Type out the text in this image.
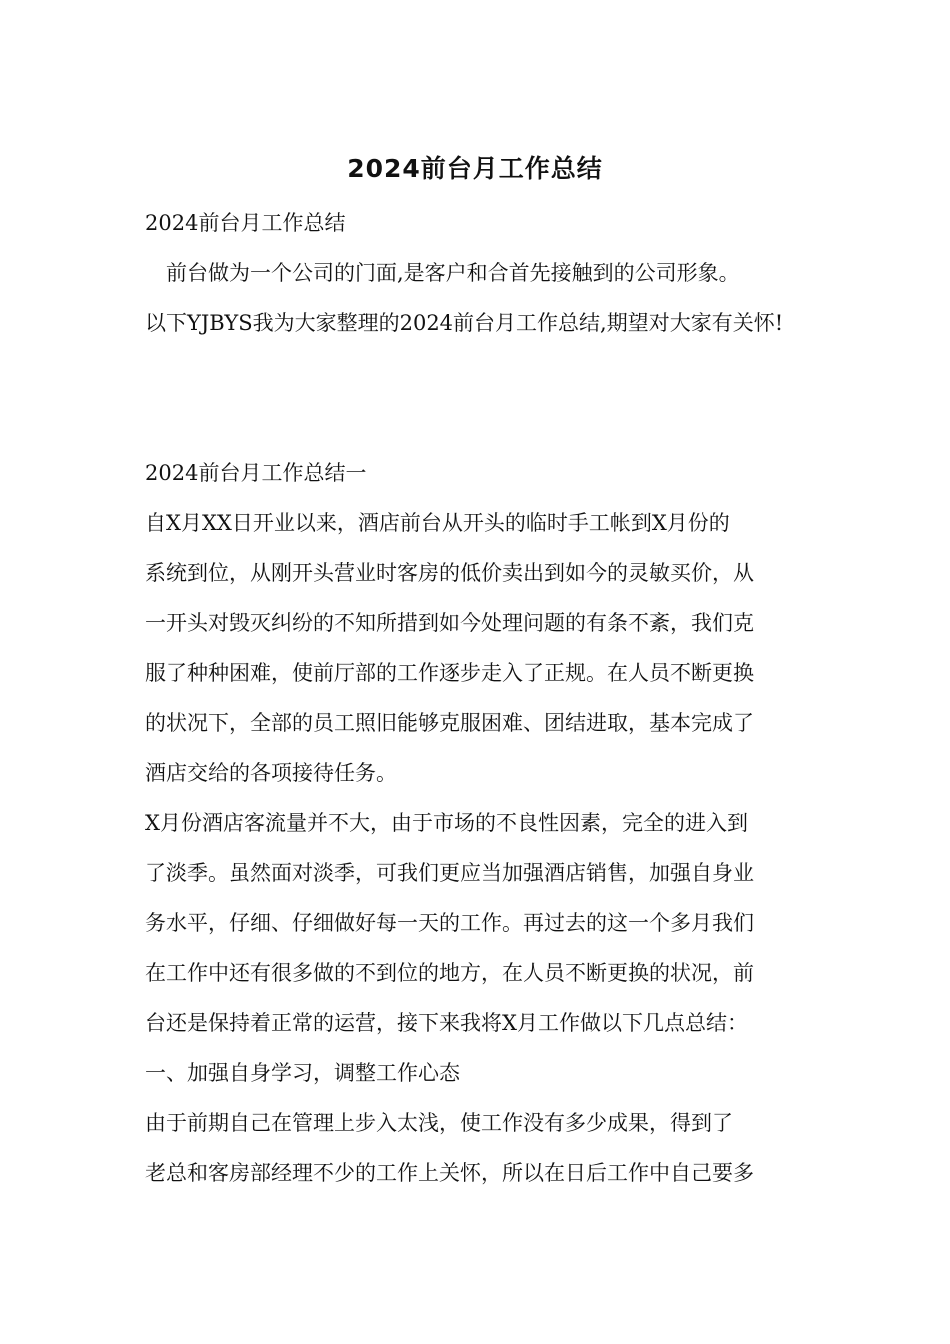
2024前台月工作总结
2024前台月工作总结
　前台做为一个公司的门面,是客户和合首先接触到的公司形象。
以下YJBYS我为大家整理的2024前台月工作总结,期望对大家有关怀!
2024前台月工作总结一
自X月XX日开业以来，酒店前台从开头的临时手工帐到X月份的
系统到位，从刚开头营业时客房的低价卖出到如今的灵敏买价，从
一开头对毁灭纠纷的不知所措到如今处理问题的有条不紊，我们克
服了种种困难，使前厅部的工作逐步走入了正规。在人员不断更换
的状况下，全部的员工照旧能够克服困难、团结进取，基本完成了
酒店交给的各项接待任务。
X月份酒店客流量并不大，由于市场的不良性因素，完全的进入到
了淡季。虽然面对淡季，可我们更应当加强酒店销售，加强自身业
务水平，仔细、仔细做好每一天的工作。再过去的这一个多月我们
在工作中还有很多做的不到位的地方，在人员不断更换的状况，前
台还是保持着正常的运营，接下来我将X月工作做以下几点总结：
一、加强自身学习，调整工作心态
由于前期自己在管理上步入太浅，使工作没有多少成果，得到了
老总和客房部经理不少的工作上关怀，所以在日后工作中自己要多
